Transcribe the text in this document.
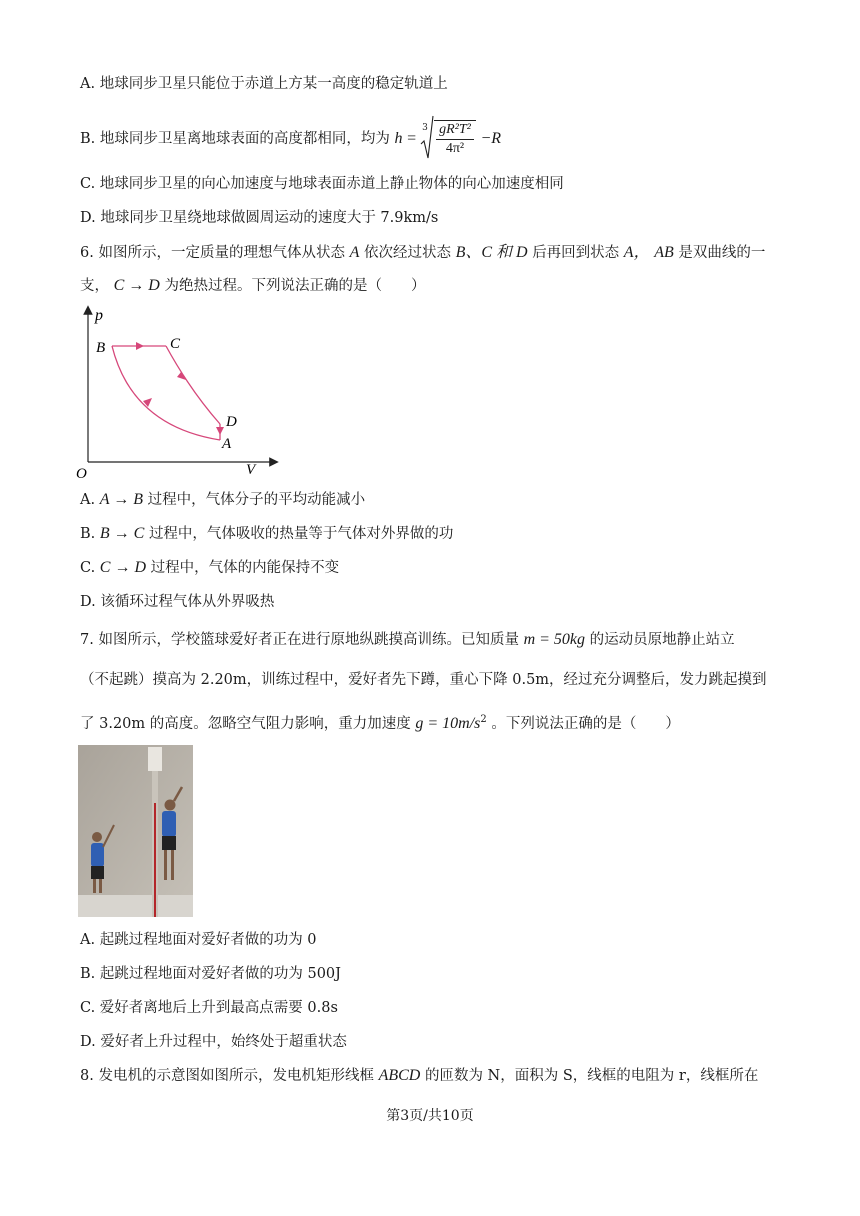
A. 地球同步卫星只能位于赤道上方某一高度的稳定轨道上
B. 地球同步卫星离地球表面的高度都相同，均为 h =
$3 \frac{\text{gR²T²}}{\text{4π²}} -R$
C. 地球同步卫星的向心加速度与地球表面赤道上静止物体的向心加速度相同
D. 地球同步卫星绕地球做圆周运动的速度大于 7.9km/s
6. 如图所示，一定质量的理想气体从状态 A 依次经过状态 B、C 和 D 后再回到状态 A， AB 是双曲线的一
支， C → D 为绝热过程。下列说法正确的是（　　）
p
V
O
B	C
D
A
A. A → B 过程中，气体分子的平均动能减小
B. B → C 过程中，气体吸收的热量等于气体对外界做的功
C. C → D 过程中，气体的内能保持不变
D. 该循环过程气体从外界吸热
7. 如图所示，学校篮球爱好者正在进行原地纵跳摸高训练。已知质量 m = 50kg 的运动员原地静止站立
（不起跳）摸高为 2.20m，训练过程中，爱好者先下蹲，重心下降 0.5m，经过充分调整后，发力跳起摸到
了 3.20m 的高度。忽略空气阻力影响，重力加速度 $g = 10m/s^2$ 。下列说法正确的是（　　）
A. 起跳过程地面对爱好者做的功为 0
B. 起跳过程地面对爱好者做的功为 500J
C. 爱好者离地后上升到最高点需要 0.8s
D. 爱好者上升过程中，始终处于超重状态
8. 发电机的示意图如图所示，发电机矩形线框 ABCD 的匝数为 N，面积为 S，线框的电阻为 r，线框所在
第3页/共10页
